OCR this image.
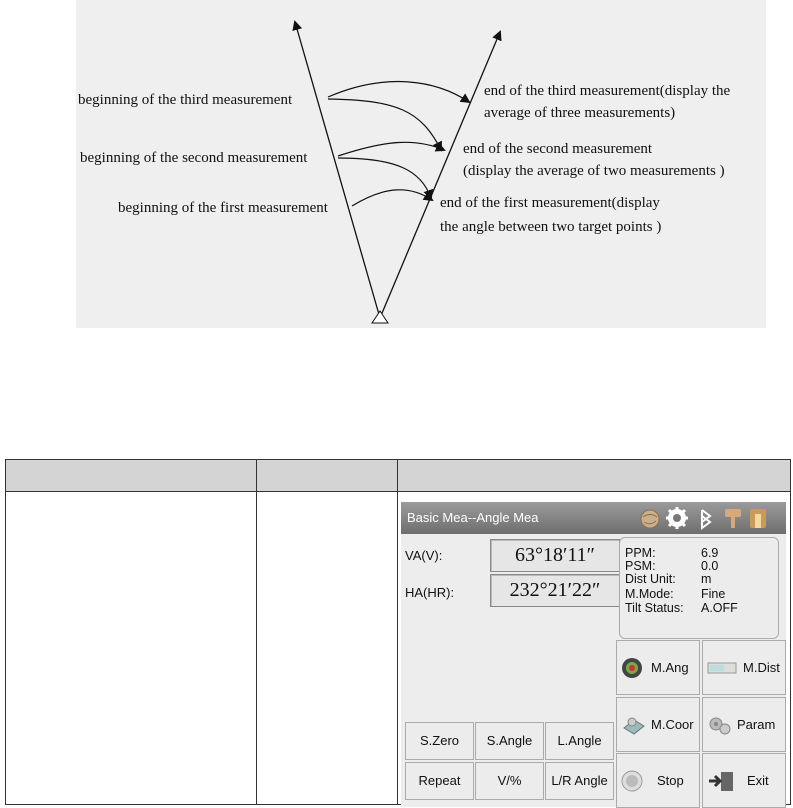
beginning of the third measurement
beginning of the second measurement
beginning of the first measurement
end of the third measurement(display the
average of three measurements)
end of the second measurement
(display the average of two measurements )
end of the first measurement(display
the angle between two target points )

Basic Mea--Angle Mea
VA(V):	63°18′11″
HA(HR):	232°21′22″
PPM:	6.9
PSM:	0.0
Dist Unit: m
M.Mode: Fine
Tilt Status: A.OFF
M.Ang	M.Dist
M.Coor	Param
Stop	Exit
S.Zero	S.Angle	L.Angle
Repeat	V/%	L/R Angle
